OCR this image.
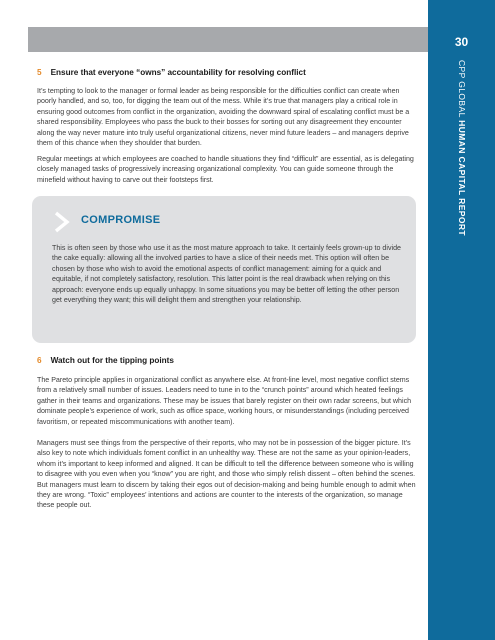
30
CPP GLOBAL HUMAN CAPITAL REPORT
5 Ensure that everyone “owns” accountability for resolving conflict

It’s tempting to look to the manager or formal leader as being responsible for the difficulties conflict can create when poorly handled, and so, too, for digging the team out of the mess. While it’s true that managers play a critical role in ensuring good outcomes from conflict in the organization, avoiding the downward spiral of escalating conflict must be a shared responsibility. Employees who pass the buck to their bosses for sorting out any disagreement they encounter along the way never mature into truly useful organizational citizens, never mind future leaders – and managers deprive them of this chance when they shoulder that burden.

Regular meetings at which employees are coached to handle situations they find “difficult” are essential, as is delegating closely managed tasks of progressively increasing organizational complexity. You can guide someone through the minefield without having to carve out their footsteps first.

COMPROMISE

This is often seen by those who use it as the most mature approach to take. It certainly feels grown-up to divide the cake equally: allowing all the involved parties to have a slice of their needs met. This option will often be chosen by those who wish to avoid the emotional aspects of conflict management: aiming for a quick and equitable, if not completely satisfactory, resolution. This latter point is the real drawback when relying on this approach: everyone ends up equally unhappy. In some situations you may be better off letting the other person get everything they want; this will delight them and strengthen your relationship.

6 Watch out for the tipping points

The Pareto principle applies in organizational conflict as anywhere else. At front-line level, most negative conflict stems from a relatively small number of issues. Leaders need to tune in to the “crunch points” around which heated feelings gather in their teams and organizations. These may be issues that barely register on their own radar screens, but which dominate people’s experience of work, such as office space, working hours, or misunderstandings (including perceived favoritism, or repeated miscommunications with another team).

Managers must see things from the perspective of their reports, who may not be in possession of the bigger picture. It’s also key to note which individuals foment conflict in an unhealthy way. These are not the same as your opinion-leaders, whom it’s important to keep informed and aligned. It can be difficult to tell the difference between someone who is willing to disagree with you even when you “know” you are right, and those who simply relish dissent – often behind the scenes. But managers must learn to discern by taking their egos out of decision-making and being humble enough to admit when they are wrong. “Toxic” employees’ intentions and actions are counter to the interests of the organization, so manage these people out.
